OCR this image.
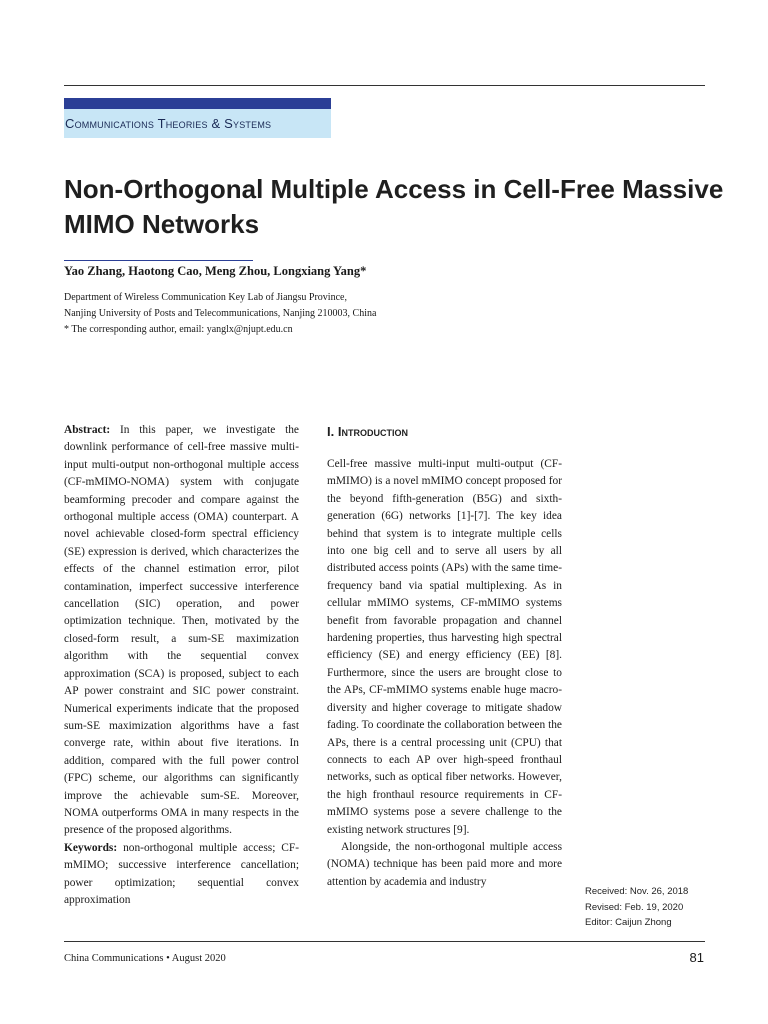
Communications Theories & Systems
Non-Orthogonal Multiple Access in Cell-Free Massive MIMO Networks
Yao Zhang, Haotong Cao, Meng Zhou, Longxiang Yang*
Department of Wireless Communication Key Lab of Jiangsu Province,
Nanjing University of Posts and Telecommunications, Nanjing 210003, China
* The corresponding author, email: yanglx@njupt.edu.cn

Abstract: In this paper, we investigate the downlink performance of cell-free massive multi-input multi-output non-orthogonal multiple access (CF-mMIMO-NOMA) system with conjugate beamforming precoder and compare against the orthogonal multiple access (OMA) counterpart. A novel achievable closed-form spectral efficiency (SE) expression is derived, which characterizes the effects of the channel estimation error, pilot contamination, imperfect successive interference cancellation (SIC) operation, and power optimization technique. Then, motivated by the closed-form result, a sum-SE maximization algorithm with the sequential convex approximation (SCA) is proposed, subject to each AP power constraint and SIC power constraint. Numerical experiments indicate that the proposed sum-SE maximization algorithms have a fast converge rate, within about five iterations. In addition, compared with the full power control (FPC) scheme, our algorithms can significantly improve the achievable sum-SE. Moreover, NOMA outperforms OMA in many respects in the presence of the proposed algorithms.

Keywords: non-orthogonal multiple access; CF-mMIMO; successive interference cancellation; power optimization; sequential convex approximation

I. Introduction

Cell-free massive multi-input multi-output (CF-mMIMO) is a novel mMIMO concept proposed for the beyond fifth-generation (B5G) and sixth-generation (6G) networks [1]-[7]. The key idea behind that system is to integrate multiple cells into one big cell and to serve all users by all distributed access points (APs) with the same time-frequency band via spatial multiplexing. As in cellular mMIMO systems, CF-mMIMO systems benefit from favorable propagation and channel hardening properties, thus harvesting high spectral efficiency (SE) and energy efficiency (EE) [8]. Furthermore, since the users are brought close to the APs, CF-mMIMO systems enable huge macro-diversity and higher coverage to mitigate shadow fading. To coordinate the collaboration between the APs, there is a central processing unit (CPU) that connects to each AP over high-speed fronthaul networks, such as optical fiber networks. However, the high fronthaul resource requirements in CF-mMIMO systems pose a severe challenge to the existing network structures [9].

Alongside, the non-orthogonal multiple access (NOMA) technique has been paid more and more attention by academia and industry

Received: Nov. 26, 2018
Revised: Feb. 19, 2020
Editor: Caijun Zhong
China Communications • August 2020	81
